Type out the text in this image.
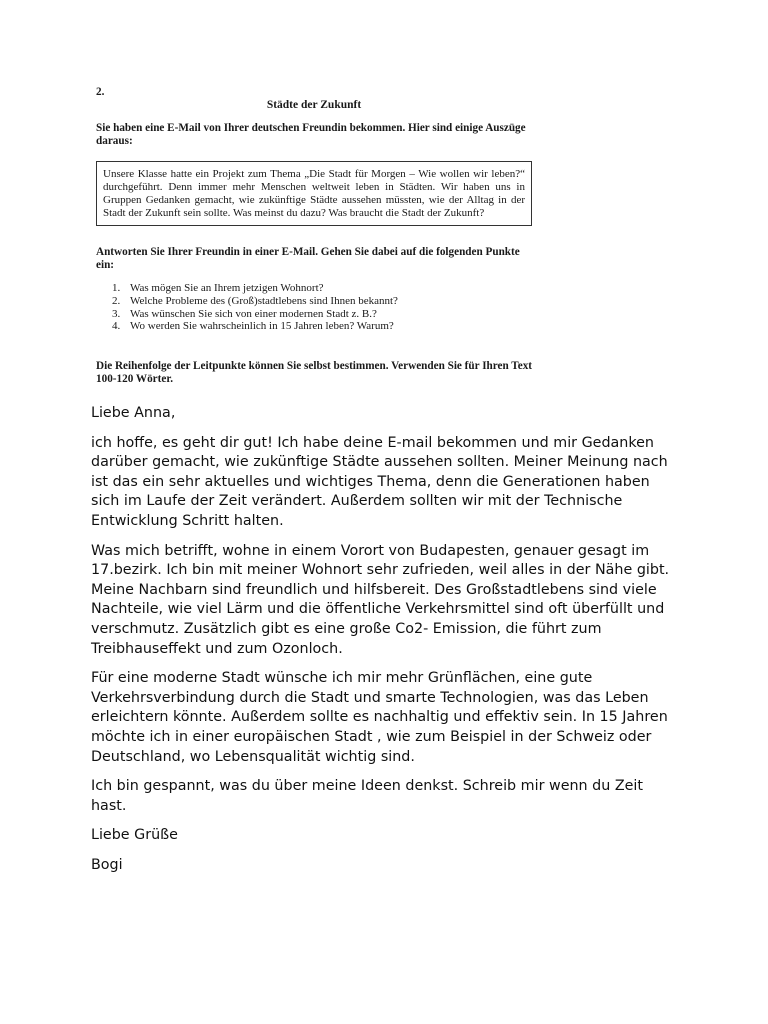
2.
Städte der Zukunft
Sie haben eine E-Mail von Ihrer deutschen Freundin bekommen. Hier sind einige Auszüge daraus:
Unsere Klasse hatte ein Projekt zum Thema „Die Stadt für Morgen – Wie wollen wir leben?“ durchgeführt. Denn immer mehr Menschen weltweit leben in Städten. Wir haben uns in Gruppen Gedanken gemacht, wie zukünftige Städte aussehen müssten, wie der Alltag in der Stadt der Zukunft sein sollte. Was meinst du dazu? Was braucht die Stadt der Zukunft?
Antworten Sie Ihrer Freundin in einer E-Mail. Gehen Sie dabei auf die folgenden Punkte ein:
1. Was mögen Sie an Ihrem jetzigen Wohnort?
2. Welche Probleme des (Groß)stadtlebens sind Ihnen bekannt?
3. Was wünschen Sie sich von einer modernen Stadt z. B.?
4. Wo werden Sie wahrscheinlich in 15 Jahren leben? Warum?
Die Reihenfolge der Leitpunkte können Sie selbst bestimmen. Verwenden Sie für Ihren Text 100-120 Wörter.

Liebe Anna,

ich hoffe, es geht dir gut! Ich habe deine E-mail bekommen und mir Gedanken darüber gemacht, wie zukünftige Städte aussehen sollten. Meiner Meinung nach ist das ein sehr aktuelles und wichtiges Thema, denn die Generationen haben sich im Laufe der Zeit verändert. Außerdem sollten wir mit der Technische Entwicklung Schritt halten.

Was mich betrifft, wohne in einem Vorort von Budapesten, genauer gesagt im 17.bezirk. Ich bin mit meiner Wohnort sehr zufrieden, weil alles in der Nähe gibt. Meine Nachbarn sind freundlich und hilfsbereit. Des Großstadtlebens sind viele Nachteile, wie viel Lärm und die öffentliche Verkehrsmittel sind oft überfüllt und verschmutz. Zusätzlich gibt es eine große Co2- Emission, die führt zum Treibhauseffekt und zum Ozonloch.

Für eine moderne Stadt wünsche ich mir mehr Grünflächen, eine gute Verkehrsverbindung durch die Stadt und smarte Technologien, was das Leben erleichtern könnte. Außerdem sollte es nachhaltig und effektiv sein. In 15 Jahren möchte ich in einer europäischen Stadt , wie zum Beispiel in der Schweiz oder Deutschland, wo Lebensqualität wichtig sind.

Ich bin gespannt, was du über meine Ideen denkst. Schreib mir wenn du Zeit hast.

Liebe Grüße

Bogi
